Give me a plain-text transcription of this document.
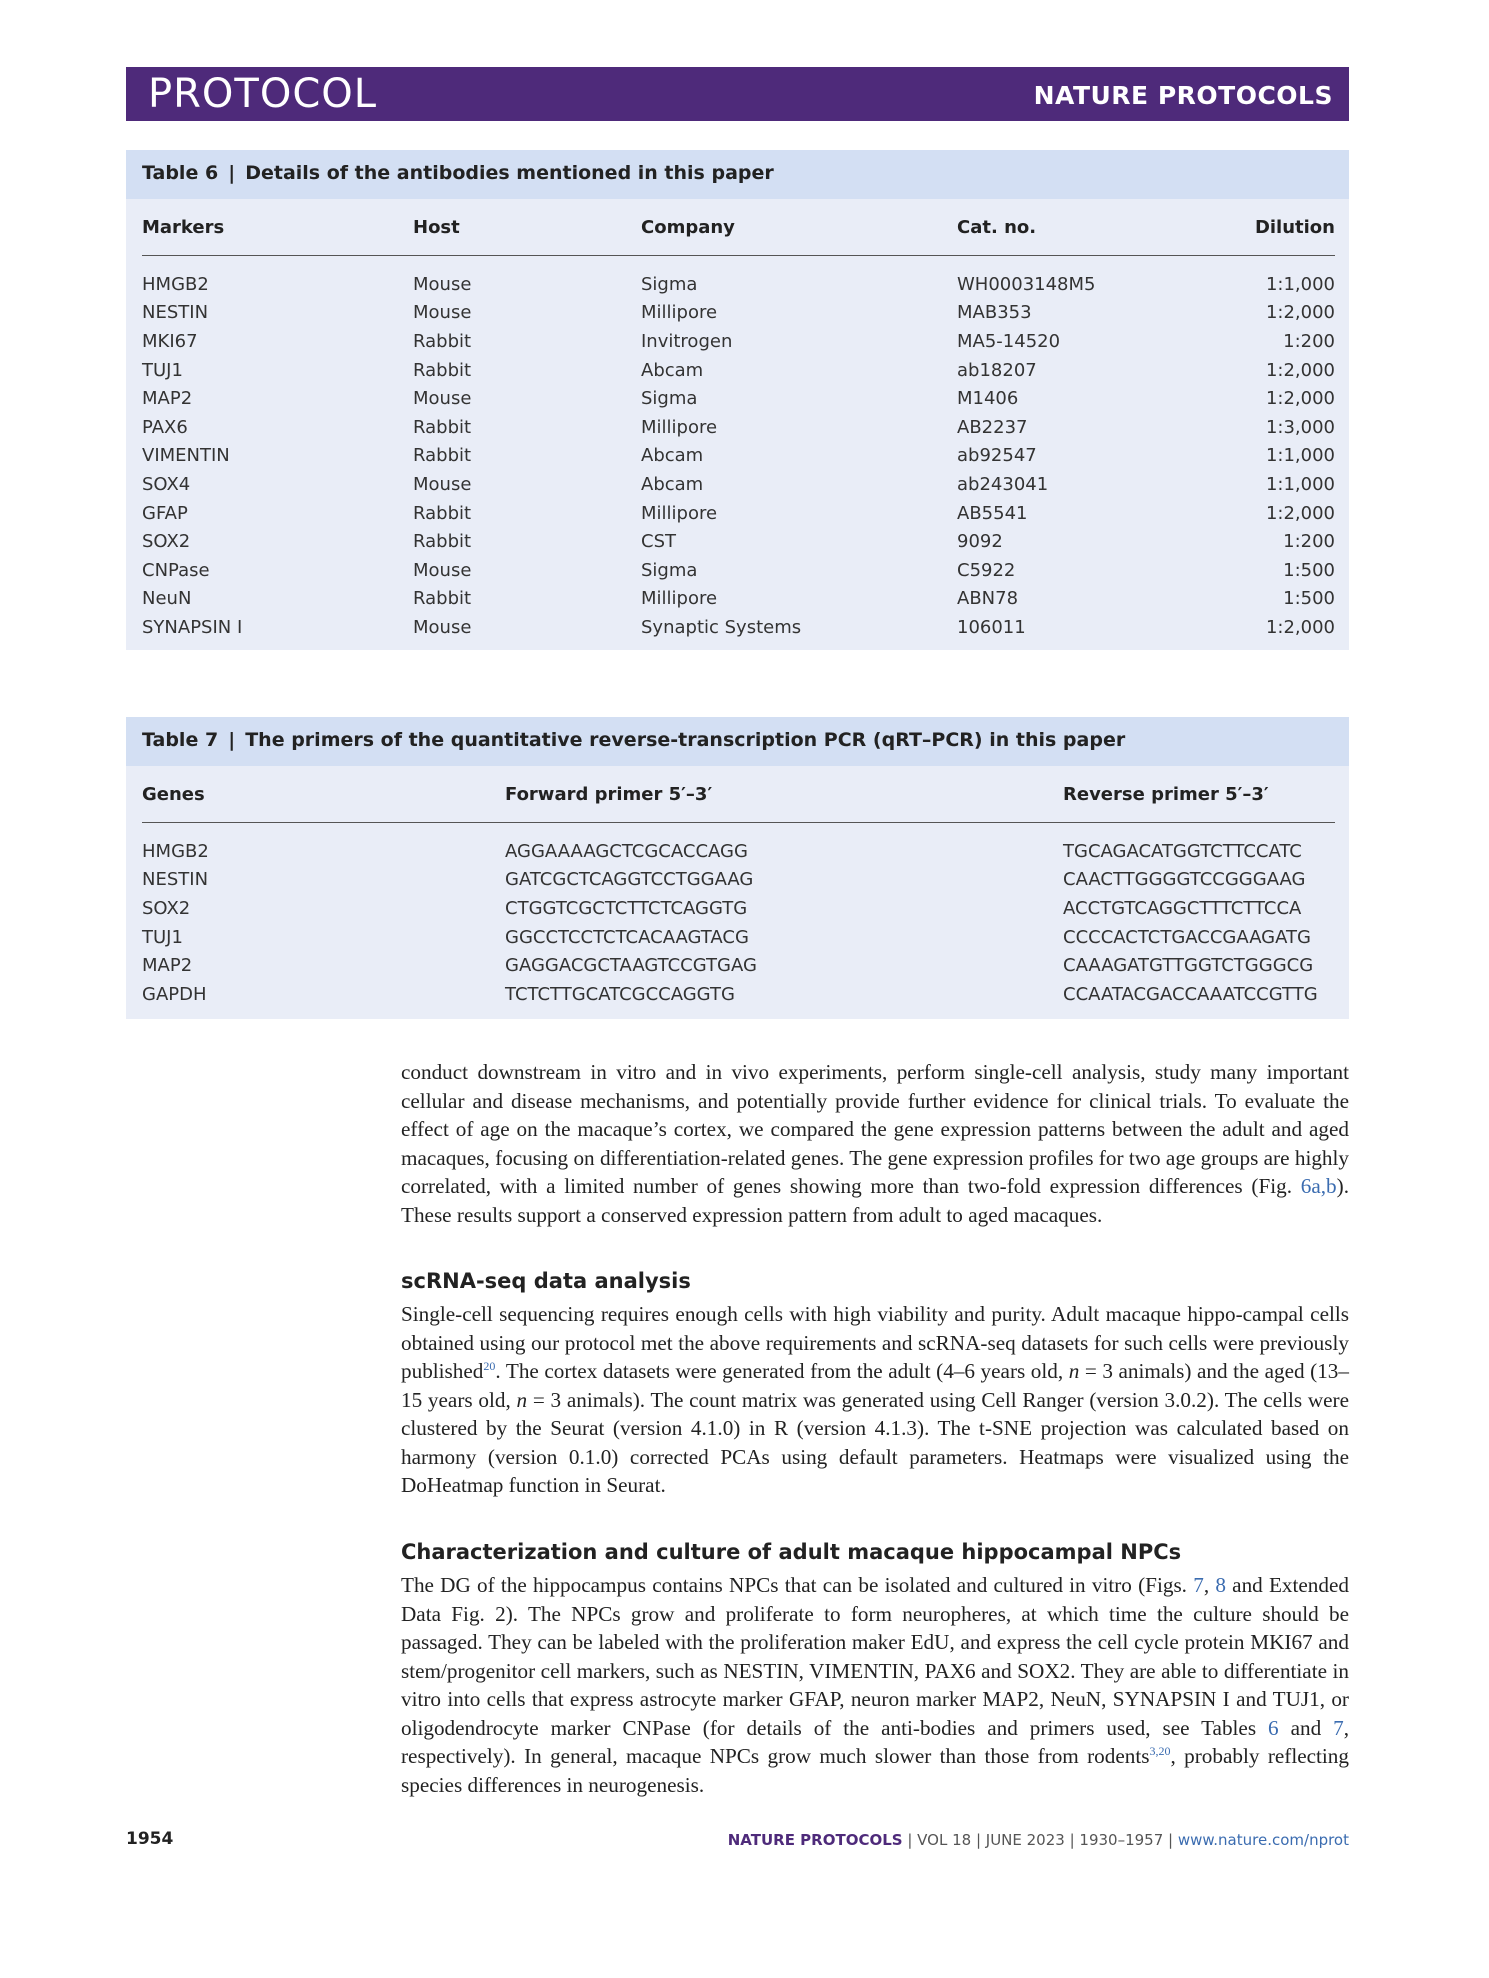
PROTOCOL	NATURE PROTOCOLS
Table 6 | Details of the antibodies mentioned in this paper
Markers	Host	Company	Cat. no.	Dilution
HMGB2	Mouse	Sigma	WH0003148M5	1:1,000
NESTIN	Mouse	Millipore	MAB353	1:2,000
MKI67	Rabbit	Invitrogen	MA5-14520	1:200
TUJ1	Rabbit	Abcam	ab18207	1:2,000
MAP2	Mouse	Sigma	M1406	1:2,000
PAX6	Rabbit	Millipore	AB2237	1:3,000
VIMENTIN	Rabbit	Abcam	ab92547	1:1,000
SOX4	Mouse	Abcam	ab243041	1:1,000
GFAP	Rabbit	Millipore	AB5541	1:2,000
SOX2	Rabbit	CST	9092	1:200
CNPase	Mouse	Sigma	C5922	1:500
NeuN	Rabbit	Millipore	ABN78	1:500
SYNAPSIN I	Mouse	Synaptic Systems	106011	1:2,000
Table 7 | The primers of the quantitative reverse-transcription PCR (qRT–PCR) in this paper
Genes	Forward primer 5′–3′	Reverse primer 5′–3′
HMGB2	AGGAAAAGCTCGCACCAGG	TGCAGACATGGTCTTCCATC
NESTIN	GATCGCTCAGGTCCTGGAAG	CAACTTGGGGTCCGGGAAG
SOX2	CTGGTCGCTCTTCTCAGGTG	ACCTGTCAGGCTTTCTTCCA
TUJ1	GGCCTCCTCTCACAAGTACG	CCCCACTCTGACCGAAGATG
MAP2	GAGGACGCTAAGTCCGTGAG	CAAAGATGTTGGTCTGGGCG
GAPDH	TCTCTTGCATCGCCAGGTG	CCAATACGACCAAATCCGTTG
conduct downstream in vitro and in vivo experiments, perform single-cell analysis, study many important cellular and disease mechanisms, and potentially provide further evidence for clinical trials. To evaluate the effect of age on the macaque’s cortex, we compared the gene expression patterns between the adult and aged macaques, focusing on differentiation-related genes. The gene expression profiles for two age groups are highly correlated, with a limited number of genes showing more than two-fold expression differences (Fig. 6a,b). These results support a conserved expression pattern from adult to aged macaques.
scRNA-seq data analysis
Single-cell sequencing requires enough cells with high viability and purity. Adult macaque hippo-campal cells obtained using our protocol met the above requirements and scRNA-seq datasets for such cells were previously published$^{20}$. The cortex datasets were generated from the adult (4–6 years old, n = 3 animals) and the aged (13–15 years old, n = 3 animals). The count matrix was generated using Cell Ranger (version 3.0.2). The cells were clustered by the Seurat (version 4.1.0) in R (version 4.1.3). The t-SNE projection was calculated based on harmony (version 0.1.0) corrected PCAs using default parameters. Heatmaps were visualized using the DoHeatmap function in Seurat.
Characterization and culture of adult macaque hippocampal NPCs
The DG of the hippocampus contains NPCs that can be isolated and cultured in vitro (Figs. 7, 8 and Extended Data Fig. 2). The NPCs grow and proliferate to form neuropheres, at which time the culture should be passaged. They can be labeled with the proliferation maker EdU, and express the cell cycle protein MKI67 and stem/progenitor cell markers, such as NESTIN, VIMENTIN, PAX6 and SOX2. They are able to differentiate in vitro into cells that express astrocyte marker GFAP, neuron marker MAP2, NeuN, SYNAPSIN I and TUJ1, or oligodendrocyte marker CNPase (for details of the anti-bodies and primers used, see Tables 6 and 7, respectively). In general, macaque NPCs grow much slower than those from rodents$^{3,20}$, probably reflecting species differences in neurogenesis.
1954	NATURE PROTOCOLS | VOL 18 | JUNE 2023 | 1930–1957 | www.nature.com/nprot
